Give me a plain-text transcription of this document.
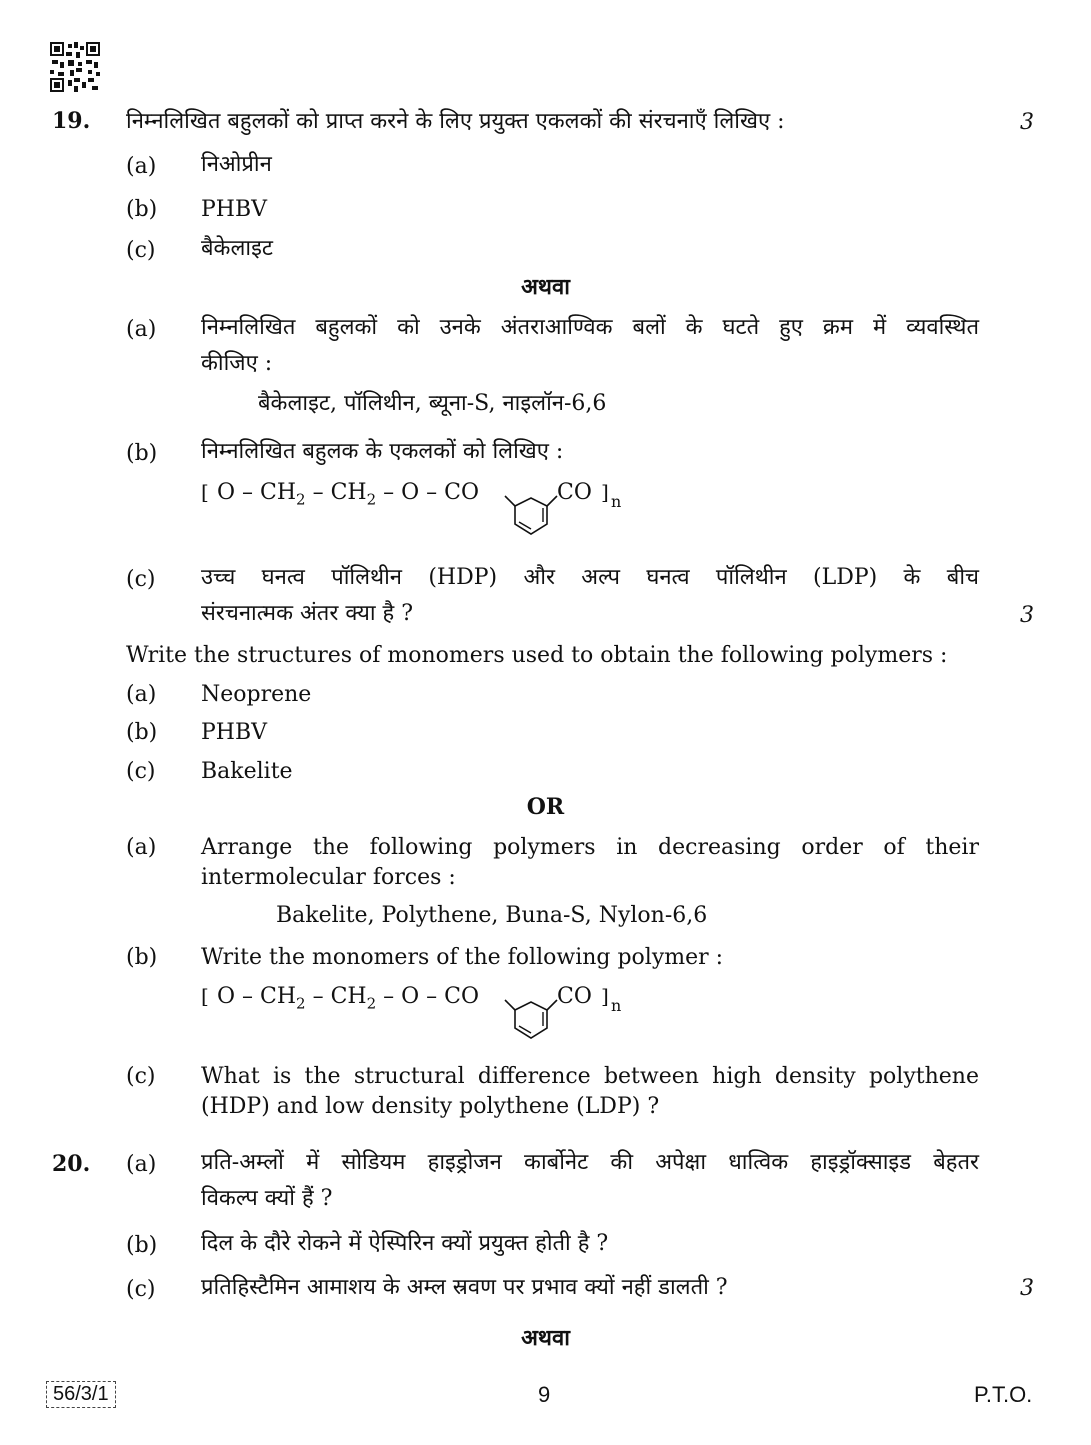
19. निम्नलिखित बहुलकों को प्राप्त करने के लिए प्रयुक्त एकलकों की संरचनाएँ लिखिए :	3
(a) निओप्रीन
(b) PHBV
(c) बैकेलाइट
अथवा
(a) निम्नलिखित बहुलकों को उनके अंतराआण्विक बलों के घटते हुए क्रम में व्यवस्थित
कीजिए :
बैकेलाइट, पॉलिथीन, ब्यूना-S, नाइलॉन-6,6
(b) निम्नलिखित बहुलक के एकलकों को लिखिए :
[ O – $CH_2 - CH_2$ – O – CO	CO ] n
(c) उच्च घनत्व पॉलिथीन (HDP) और अल्प घनत्व पॉलिथीन (LDP) के बीच
संरचनात्मक अंतर क्या है ?	3
Write the structures of monomers used to obtain the following polymers :
(a) Neoprene
(b) PHBV
(c) Bakelite
OR
(a) Arrange the following polymers in decreasing order of their
intermolecular forces :
Bakelite, Polythene, Buna-S, Nylon-6,6
(b) Write the monomers of the following polymer :
[ O – $CH_2 - CH_2$ – O – CO	CO ] n
(c) What is the structural difference between high density polythene
(HDP) and low density polythene (LDP) ?
20. (a) प्रति-अम्लों में सोडियम हाइड्रोजन कार्बोनेट की अपेक्षा धात्विक हाइड्रॉक्साइड बेहतर
विकल्प क्यों हैं ?
(b) दिल के दौरे रोकने में ऐस्पिरिन क्यों प्रयुक्त होती है ?
(c) प्रतिहिस्टैमिन आमाशय के अम्ल स्रवण पर प्रभाव क्यों नहीं डालती ?	3
अथवा
56/3/1	9	P.T.O.
